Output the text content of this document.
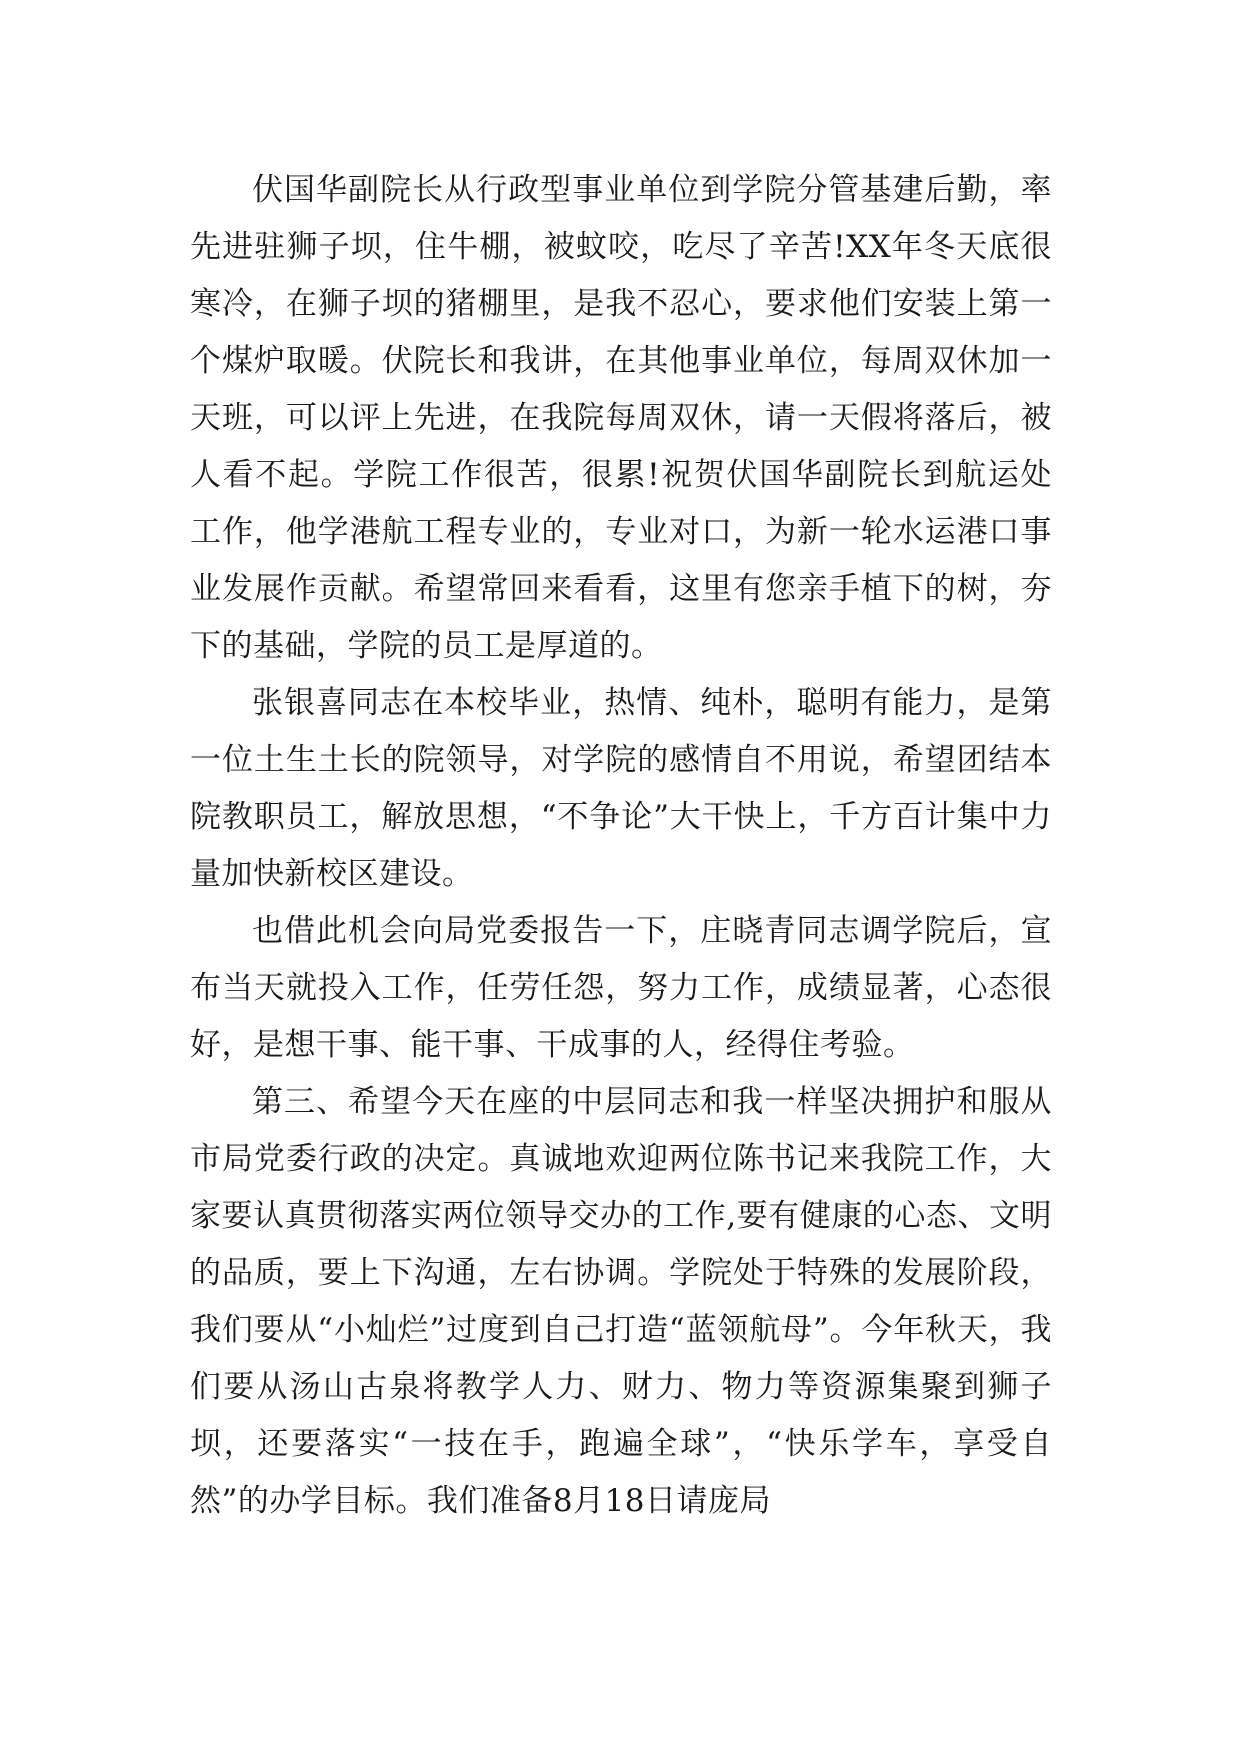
伏国华副院长从行政型事业单位到学院分管基建后勤，率先进驻狮子坝，住牛棚，被蚊咬，吃尽了辛苦!XX年冬天底很寒冷，在狮子坝的猪棚里，是我不忍心，要求他们安装上第一个煤炉取暖。伏院长和我讲，在其他事业单位，每周双休加一天班，可以评上先进，在我院每周双休，请一天假将落后，被人看不起。学院工作很苦，很累!祝贺伏国华副院长到航运处工作，他学港航工程专业的，专业对口，为新一轮水运港口事业发展作贡献。希望常回来看看，这里有您亲手植下的树，夯下的基础，学院的员工是厚道的。

张银喜同志在本校毕业，热情、纯朴，聪明有能力，是第一位土生土长的院领导，对学院的感情自不用说，希望团结本院教职员工，解放思想，“不争论”大干快上，千方百计集中力量加快新校区建设。

也借此机会向局党委报告一下，庄晓青同志调学院后，宣布当天就投入工作，任劳任怨，努力工作，成绩显著，心态很好，是想干事、能干事、干成事的人，经得住考验。

第三、希望今天在座的中层同志和我一样坚决拥护和服从市局党委行政的决定。真诚地欢迎两位陈书记来我院工作，大家要认真贯彻落实两位领导交办的工作,要有健康的心态、文明的品质，要上下沟通，左右协调。学院处于特殊的发展阶段，我们要从“小灿烂”过度到自己打造“蓝领航母”。今年秋天，我们要从汤山古泉将教学人力、财力、物力等资源集聚到狮子坝，还要落实“一技在手，跑遍全球”，“快乐学车，享受自然”的办学目标。我们准备8月18日请庞局
